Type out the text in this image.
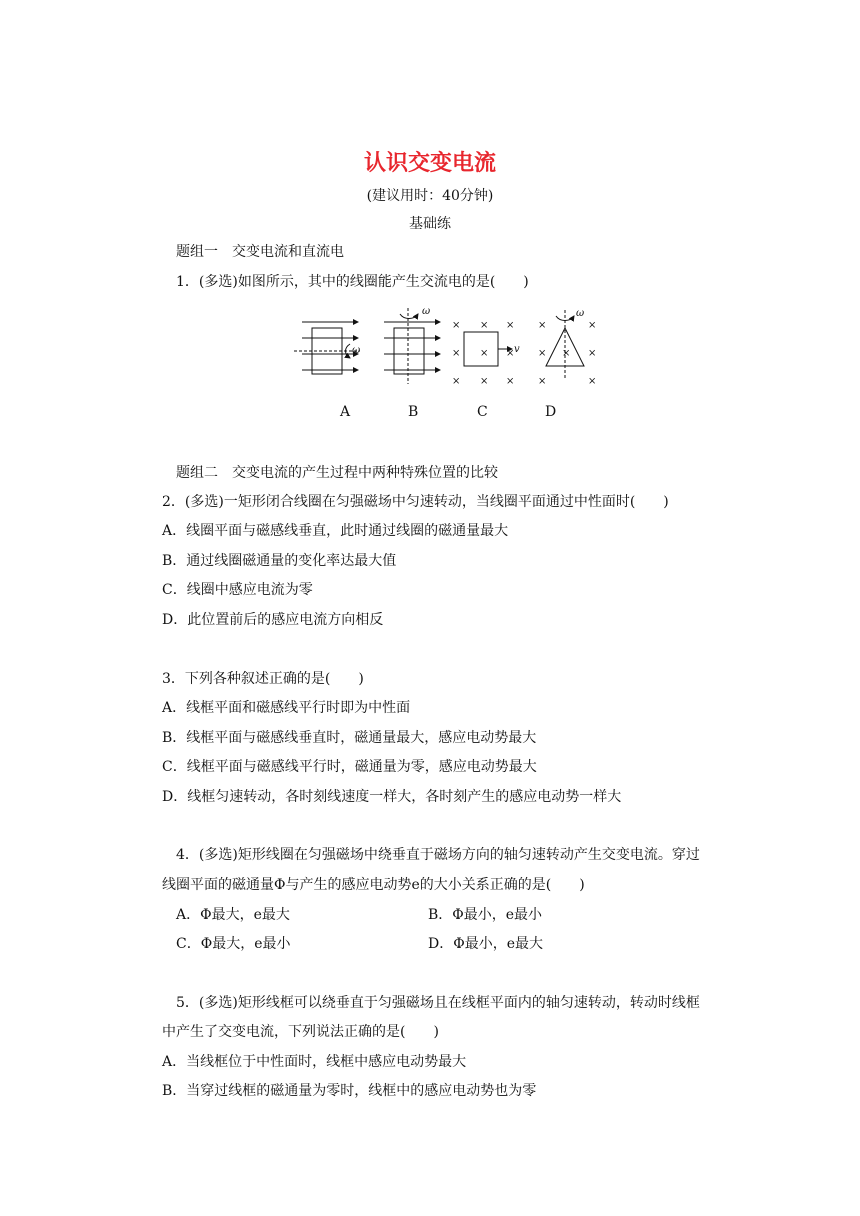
认识交变电流
(建议用时：40分钟)
基础练
题组一　交变电流和直流电
1．(多选)如图所示，其中的线圈能产生交流电的是(　　)
ω
ω
× × ×
× × ×
× × ×
v
×	×
×	×
×	×
×
ω
A	B	C	D
题组二　交变电流的产生过程中两种特殊位置的比较
2．(多选)一矩形闭合线圈在匀强磁场中匀速转动，当线圈平面通过中性面时(　　)
A．线圈平面与磁感线垂直，此时通过线圈的磁通量最大
B．通过线圈磁通量的变化率达最大值
C．线圈中感应电流为零
D．此位置前后的感应电流方向相反
3．下列各种叙述正确的是(　　)
A．线框平面和磁感线平行时即为中性面
B．线框平面与磁感线垂直时，磁通量最大，感应电动势最大
C．线框平面与磁感线平行时，磁通量为零，感应电动势最大
D．线框匀速转动，各时刻线速度一样大，各时刻产生的感应电动势一样大
4．(多选)矩形线圈在匀强磁场中绕垂直于磁场方向的轴匀速转动产生交变电流。穿过
线圈平面的磁通量Φ与产生的感应电动势e的大小关系正确的是(　　)
A．Φ最大，e最大	B．Φ最小，e最小
C．Φ最大，e最小	D．Φ最小，e最大
5．(多选)矩形线框可以绕垂直于匀强磁场且在线框平面内的轴匀速转动，转动时线框
中产生了交变电流，下列说法正确的是(　　)
A．当线框位于中性面时，线框中感应电动势最大
B．当穿过线框的磁通量为零时，线框中的感应电动势也为零
